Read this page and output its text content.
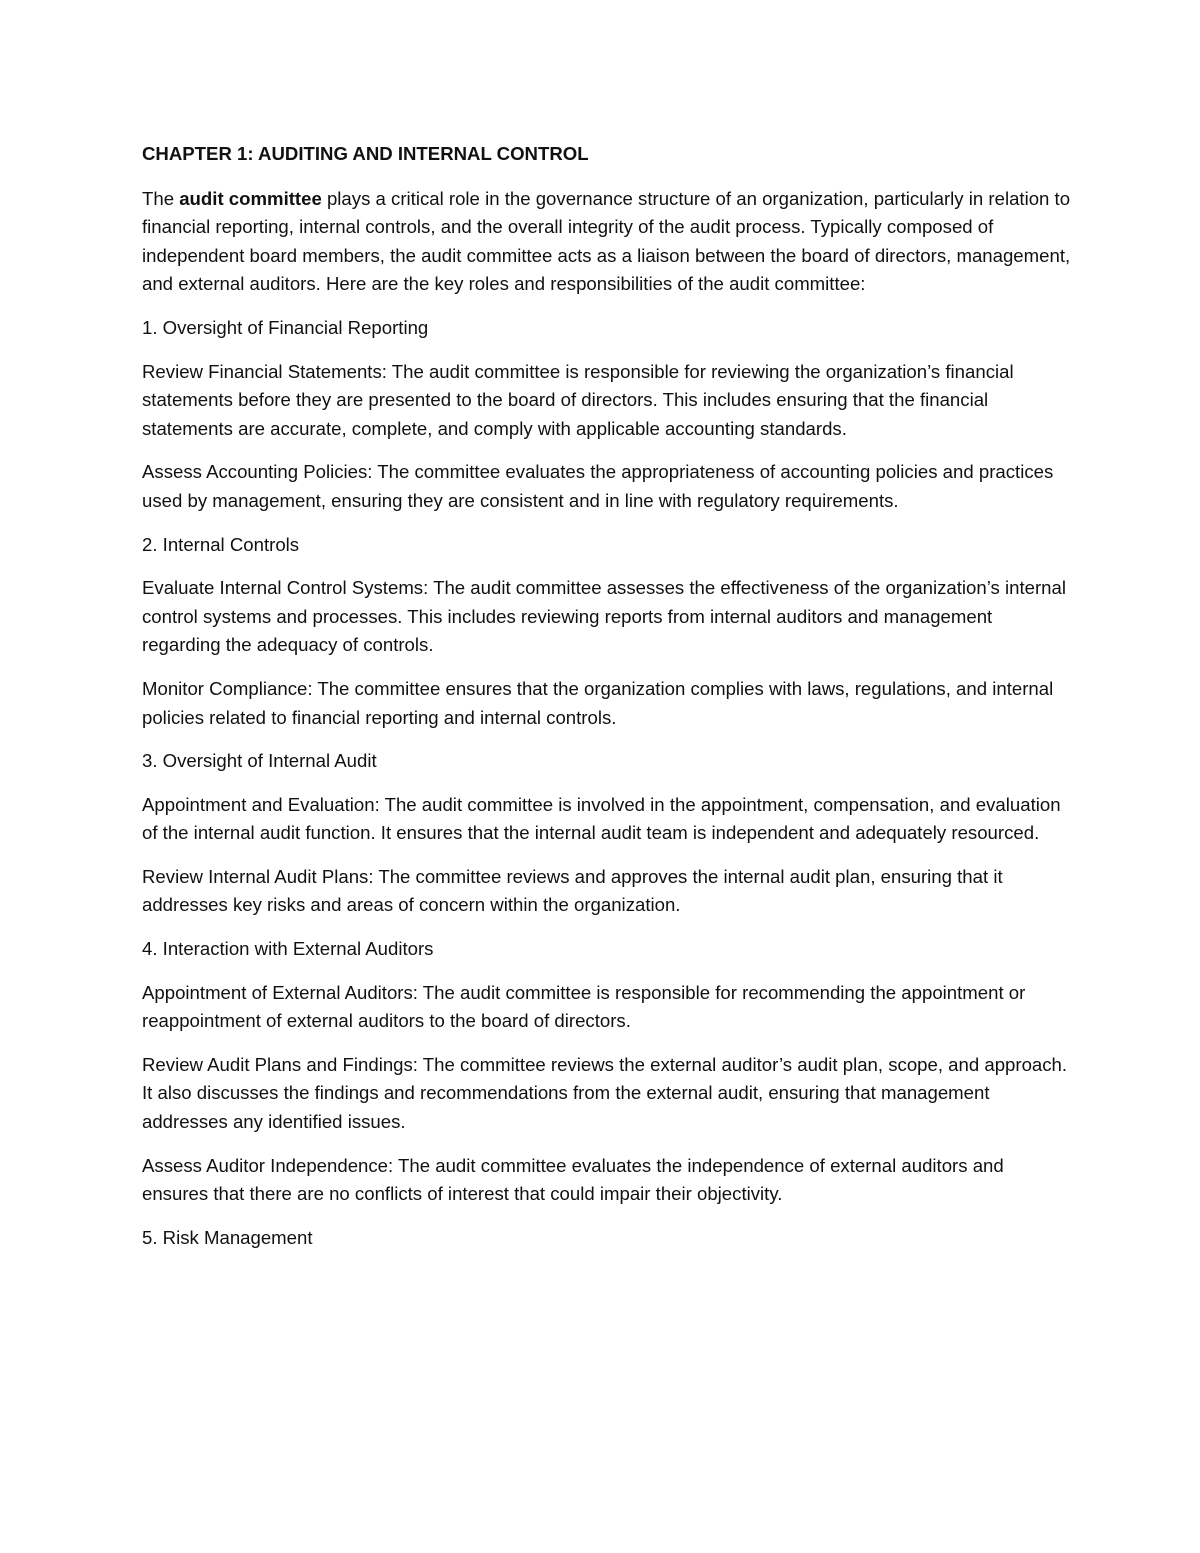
CHAPTER 1: AUDITING AND INTERNAL CONTROL

The audit committee plays a critical role in the governance structure of an organization, particularly in relation to financial reporting, internal controls, and the overall integrity of the audit process. Typically composed of independent board members, the audit committee acts as a liaison between the board of directors, management, and external auditors. Here are the key roles and responsibilities of the audit committee:

1. Oversight of Financial Reporting

Review Financial Statements: The audit committee is responsible for reviewing the organization’s financial statements before they are presented to the board of directors. This includes ensuring that the financial statements are accurate, complete, and comply with applicable accounting standards.

Assess Accounting Policies: The committee evaluates the appropriateness of accounting policies and practices used by management, ensuring they are consistent and in line with regulatory requirements.

2. Internal Controls

Evaluate Internal Control Systems: The audit committee assesses the effectiveness of the organization’s internal control systems and processes. This includes reviewing reports from internal auditors and management regarding the adequacy of controls.

Monitor Compliance: The committee ensures that the organization complies with laws, regulations, and internal policies related to financial reporting and internal controls.

3. Oversight of Internal Audit

Appointment and Evaluation: The audit committee is involved in the appointment, compensation, and evaluation of the internal audit function. It ensures that the internal audit team is independent and adequately resourced.

Review Internal Audit Plans: The committee reviews and approves the internal audit plan, ensuring that it addresses key risks and areas of concern within the organization.

4. Interaction with External Auditors

Appointment of External Auditors: The audit committee is responsible for recommending the appointment or reappointment of external auditors to the board of directors.

Review Audit Plans and Findings: The committee reviews the external auditor’s audit plan, scope, and approach. It also discusses the findings and recommendations from the external audit, ensuring that management addresses any identified issues.

Assess Auditor Independence: The audit committee evaluates the independence of external auditors and ensures that there are no conflicts of interest that could impair their objectivity.

5. Risk Management
